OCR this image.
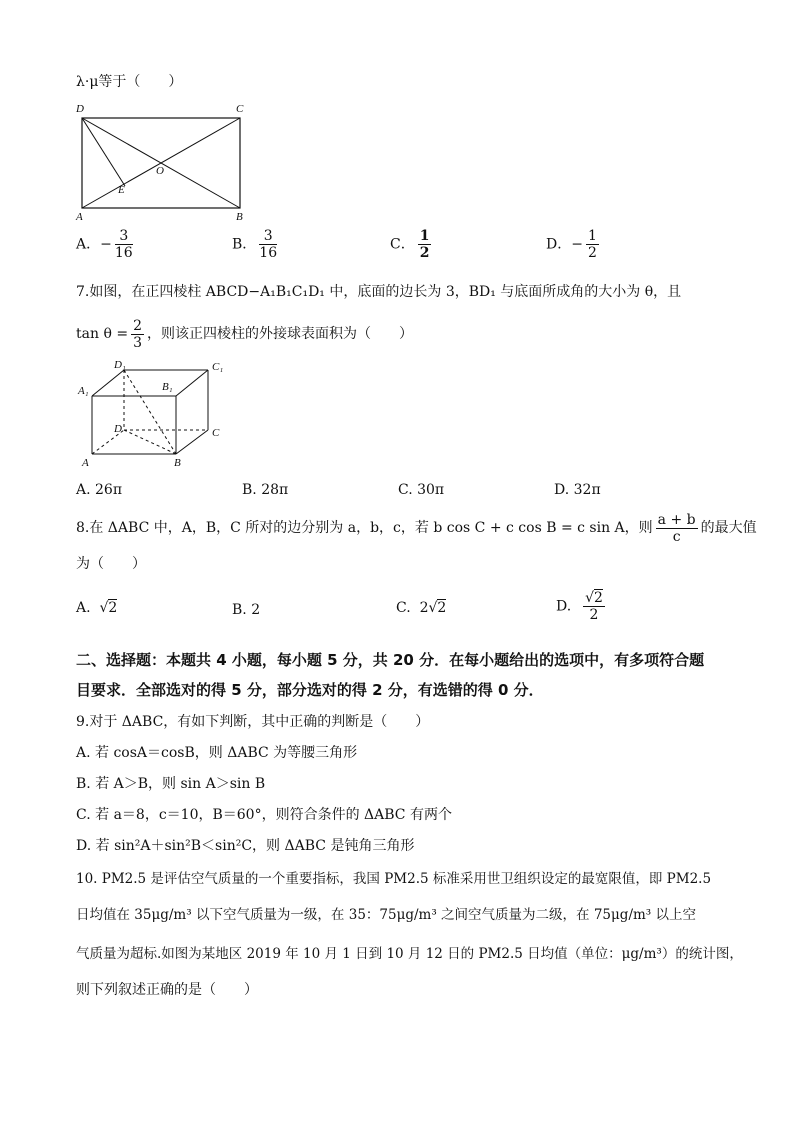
λ·μ等于（　　）
D	C
O
E
A	B
A．− $\frac{3}{16}$	B． $\frac{3}{16}$	C． $\frac{1}{2}$	D．− $\frac{1}{2}$
7.如图，在正四棱柱 ABCD−A₁B₁C₁D₁ 中，底面的边长为 3，BD₁ 与底面所成角的大小为 θ，且
$\tan \theta = \frac{2}{3}$ ，则该正四棱柱的外接球表面积为（　　）
D₁	C₁
A₁	B₁
D	C
A	B
A. 26π	B. 28π	C. 30π	D. 32π
8.在 ΔABC 中，A，B，C 所对的边分别为 a，b，c，若 b cos C + c cos B = c sin A，则 $\frac{a + b}{c}$ 的最大值
为（　　）
A.  √2	B. 2	C. 2√2	D. $\frac{√2}{2}$
二、选择题：本题共 4 小题，每小题 5 分，共 20 分．在每小题给出的选项中，有多项符合题
目要求．全部选对的得 5 分，部分选对的得 2 分，有选错的得 0 分．
9.对于 ΔABC，有如下判断，其中正确的判断是（　　）
A. 若 cosA＝cosB，则 ΔABC 为等腰三角形
B. 若 A＞B，则 sin A＞sin B
C. 若 a＝8，c＝10，B＝60°，则符合条件的 ΔABC 有两个
D. 若 sin²A＋sin²B＜sin²C，则 ΔABC 是钝角三角形
10. PM2.5 是评估空气质量的一个重要指标，我国 PM2.5 标准采用世卫组织设定的最宽限值，即 PM2.5
日均值在 35μg/m³ 以下空气质量为一级，在 35：75μg/m³ 之间空气质量为二级，在 75μg/m³ 以上空
气质量为超标.如图为某地区 2019 年 10 月 1 日到 10 月 12 日的 PM2.5 日均值（单位：μg/m³）的统计图，
则下列叙述正确的是（　　）
